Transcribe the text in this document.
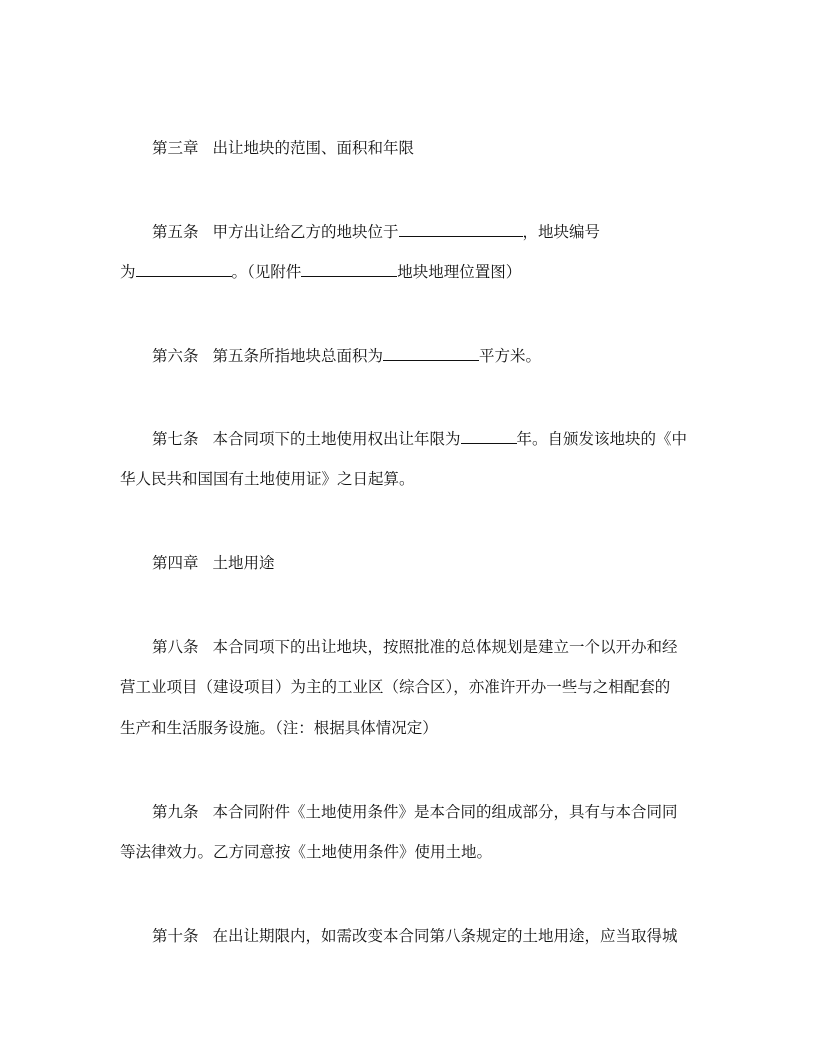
第三章 出让地块的范围、面积和年限
第五条 甲方出让给乙方的地块位于	，地块编号
为	。（见附件	地块地理位置图）
第六条 第五条所指地块总面积为	平方米。
第七条 本合同项下的土地使用权出让年限为	年。自颁发该地块的《中
华人民共和国国有土地使用证》之日起算。
第四章 土地用途
第八条 本合同项下的出让地块，按照批准的总体规划是建立一个以开办和经
营工业项目（建设项目）为主的工业区（综合区），亦准许开办一些与之相配套的
生产和生活服务设施。（注：根据具体情况定）
第九条 本合同附件《土地使用条件》是本合同的组成部分，具有与本合同同
等法律效力。乙方同意按《土地使用条件》使用土地。
第十条 在出让期限内，如需改变本合同第八条规定的土地用途，应当取得城
